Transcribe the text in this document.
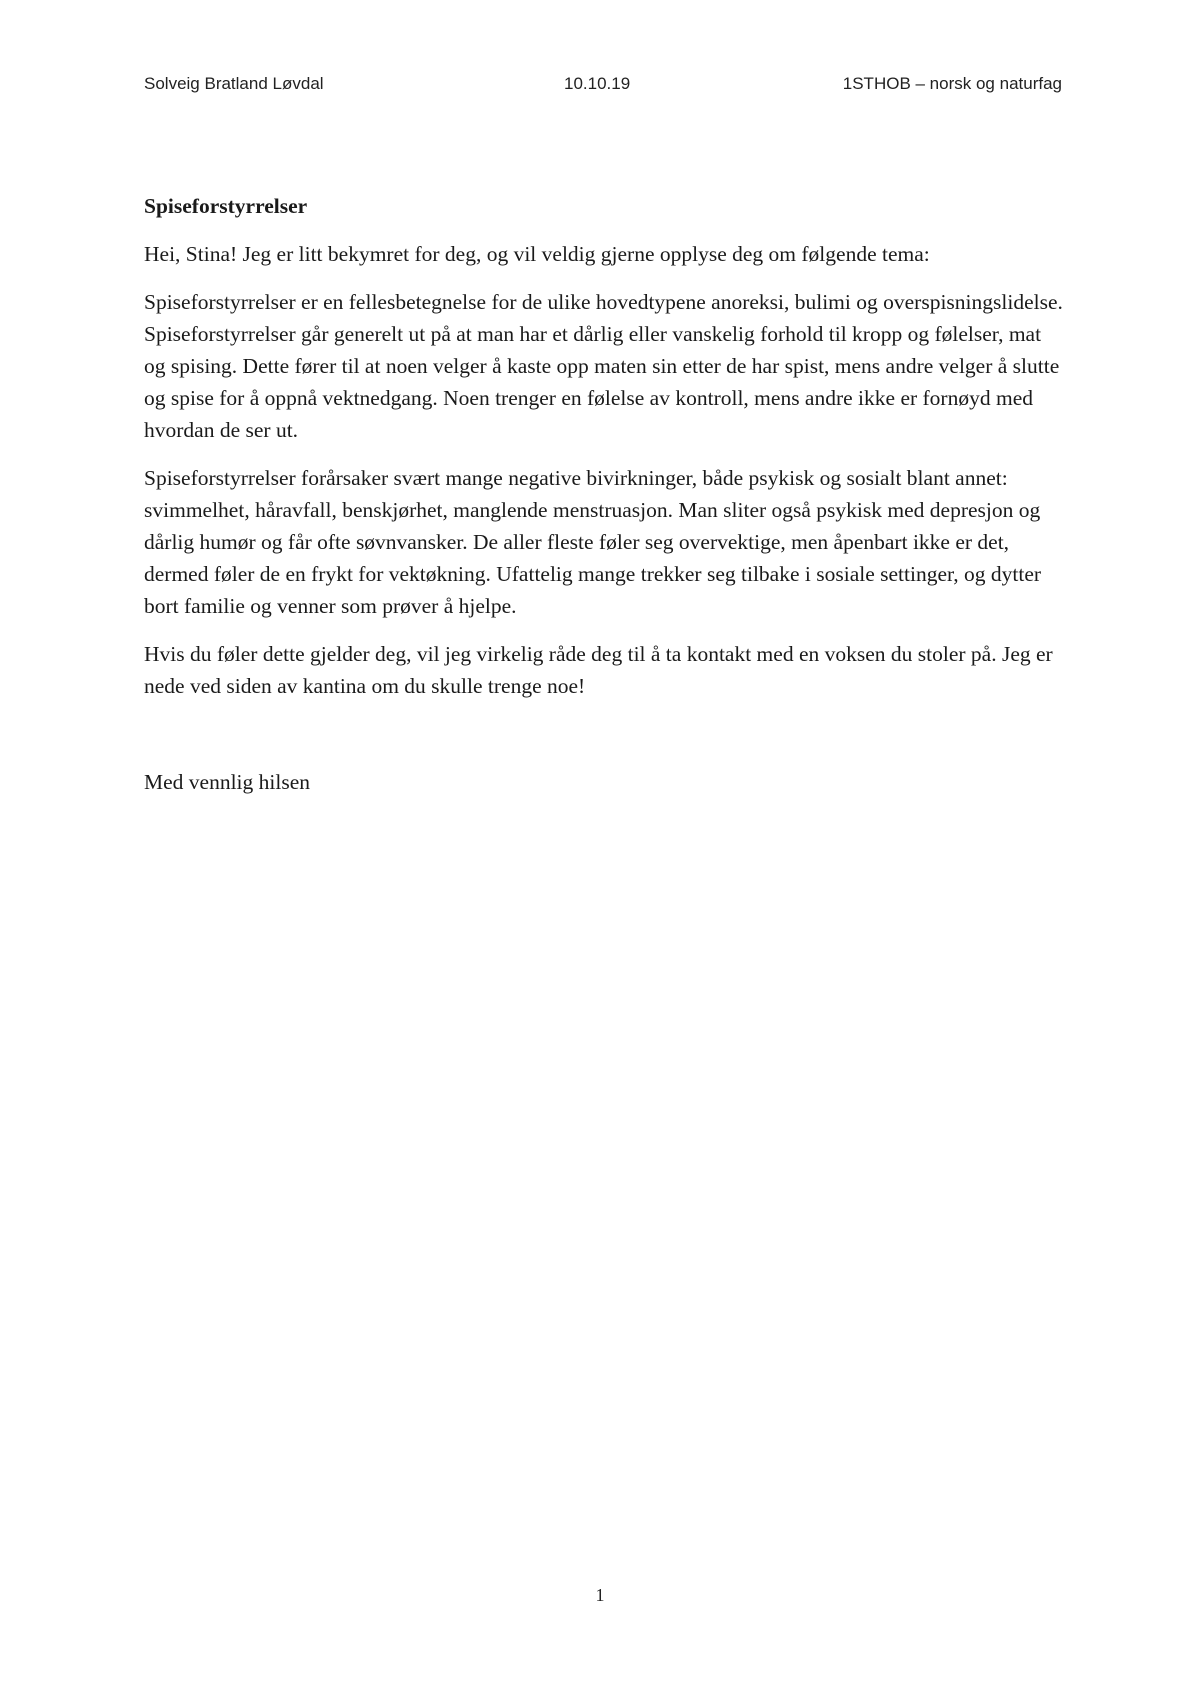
Solveig Bratland Løvdal	10.10.19	1STHOB – norsk og naturfag

Spiseforstyrrelser

Hei, Stina! Jeg er litt bekymret for deg, og vil veldig gjerne opplyse deg om følgende tema:

Spiseforstyrrelser er en fellesbetegnelse for de ulike hovedtypene anoreksi, bulimi og overspisningslidelse. Spiseforstyrrelser går generelt ut på at man har et dårlig eller vanskelig forhold til kropp og følelser, mat og spising. Dette fører til at noen velger å kaste opp maten sin etter de har spist, mens andre velger å slutte og spise for å oppnå vektnedgang. Noen trenger en følelse av kontroll, mens andre ikke er fornøyd med hvordan de ser ut.

Spiseforstyrrelser forårsaker svært mange negative bivirkninger, både psykisk og sosialt blant annet: svimmelhet, håravfall, benskjørhet, manglende menstruasjon. Man sliter også psykisk med depresjon og dårlig humør og får ofte søvnvansker. De aller fleste føler seg overvektige, men åpenbart ikke er det, dermed føler de en frykt for vektøkning. Ufattelig mange trekker seg tilbake i sosiale settinger, og dytter bort familie og venner som prøver å hjelpe.

Hvis du føler dette gjelder deg, vil jeg virkelig råde deg til å ta kontakt med en voksen du stoler på. Jeg er nede ved siden av kantina om du skulle trenge noe!

Med vennlig hilsen

1
